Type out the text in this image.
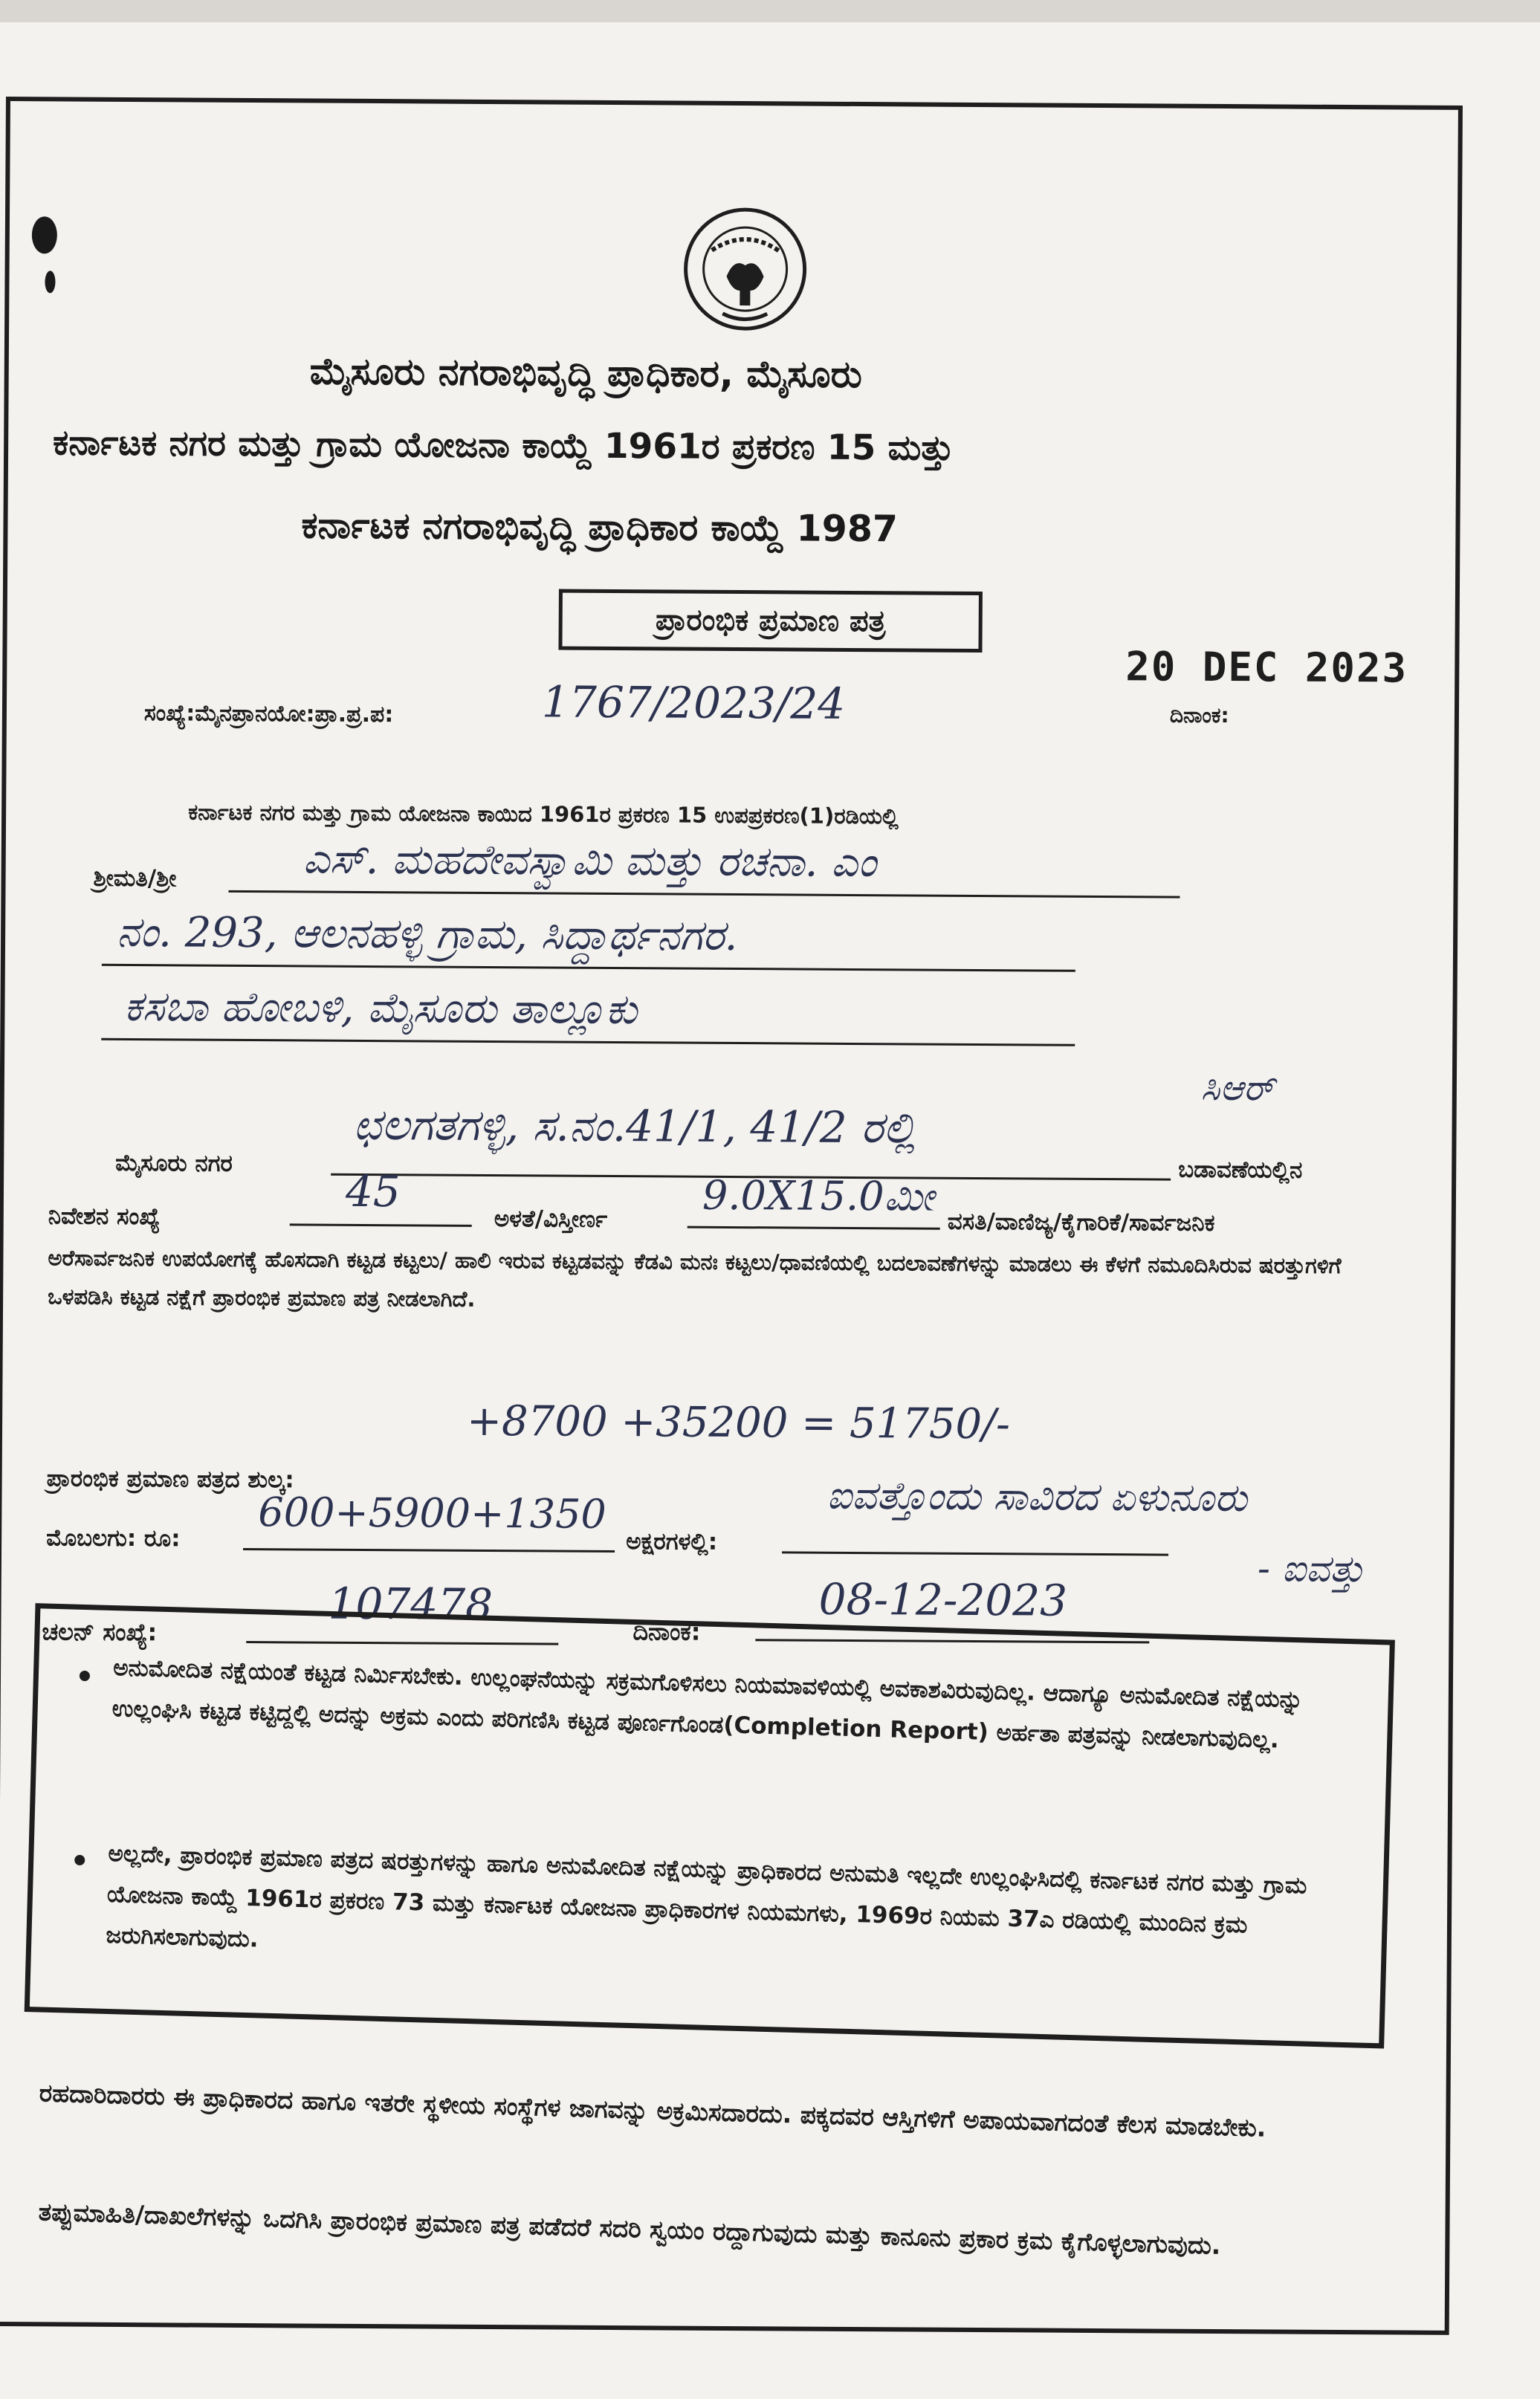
ಮೈಸೂರು ನಗರಾಭಿವೃದ್ಧಿ ಪ್ರಾಧಿಕಾರ, ಮೈಸೂರು
ಕರ್ನಾಟಕ ನಗರ ಮತ್ತು ಗ್ರಾಮ ಯೋಜನಾ ಕಾಯ್ದೆ 1961ರ ಪ್ರಕರಣ 15 ಮತ್ತು
ಕರ್ನಾಟಕ ನಗರಾಭಿವೃದ್ಧಿ ಪ್ರಾಧಿಕಾರ ಕಾಯ್ದೆ 1987
ಪ್ರಾರಂಭಿಕ ಪ್ರಮಾಣ ಪತ್ರ
20 DEC 2023
ದಿನಾಂಕ:
ಸಂಖ್ಯೆ:ಮೈನಪ್ರಾನಯೋ:ಪ್ರಾ.ಪ್ರ.ಪ:	1767/2023/24
ಕರ್ನಾಟಕ ನಗರ ಮತ್ತು ಗ್ರಾಮ ಯೋಜನಾ ಕಾಯಿದ 1961ರ ಪ್ರಕರಣ 15 ಉಪಪ್ರಕರಣ(1)ರಡಿಯಲ್ಲಿ
ಶ್ರೀಮತಿ/ಶ್ರೀ	ಎಸ್. ಮಹದೇವಸ್ವಾಮಿ ಮತ್ತು ರಚನಾ. ಎಂ
ನಂ. 293, ಆಲನಹಳ್ಳಿ ಗ್ರಾಮ, ಸಿದ್ದಾರ್ಥನಗರ.
ಕಸಬಾ ಹೋಬಳಿ, ಮೈಸೂರು ತಾಲ್ಲೂಕು
ಸಿಆರ್
ಮೈಸೂರು ನಗರ
ಛಲಗತಗಳ್ಳಿ, ಸ.ನಂ.41/1, 41/2 ರಲ್ಲಿ
ಬಡಾವಣೆಯಲ್ಲಿನ
ನಿವೇಶನ ಸಂಖ್ಯೆ	45
ಅಳತೆ/ವಿಸ್ತೀರ್ಣ 9.0X15.0ಮೀ
ವಸತಿ/ವಾಣಿಜ್ಯ/ಕೈಗಾರಿಕೆ/ಸಾರ್ವಜನಿಕ
ಅರೆಸಾರ್ವಜನಿಕ ಉಪಯೋಗಕ್ಕೆ ಹೊಸದಾಗಿ ಕಟ್ಟಡ ಕಟ್ಟಲು/ ಹಾಲಿ ಇರುವ ಕಟ್ಟಡವನ್ನು ಕೆಡವಿ ಮನಃ ಕಟ್ಟಲು/ಧಾವಣಿಯಲ್ಲಿ ಬದಲಾವಣೆಗಳನ್ನು ಮಾಡಲು ಈ ಕೆಳಗೆ ನಮೂದಿಸಿರುವ ಷರತ್ತುಗಳಿಗೆ ಒಳಪಡಿಸಿ ಕಟ್ಟಡ ನಕ್ಷೆಗೆ ಪ್ರಾರಂಭಿಕ ಪ್ರಮಾಣ ಪತ್ರ ನೀಡಲಾಗಿದೆ.
+8700 +35200 = 51750/-
ಪ್ರಾರಂಭಿಕ ಪ್ರಮಾಣ ಪತ್ರದ ಶುಲ್ಕ:
ಮೊಬಲಗು: ರೂ:
600+5900+1350
ಅಕ್ಷರಗಳಲ್ಲಿ:
ಐವತ್ತೊಂದು ಸಾವಿರದ ಏಳುನೂರು
- ಐವತ್ತು
ಚಲನ್ ಸಂಖ್ಯೆ:
107478
ದಿನಾಂಕ:
08-12-2023
ಅನುಮೋದಿತ ನಕ್ಷೆಯಂತೆ ಕಟ್ಟಡ ನಿರ್ಮಿಸಬೇಕು. ಉಲ್ಲಂಘನೆಯನ್ನು ಸಕ್ರಮಗೊಳಿಸಲು ನಿಯಮಾವಳಿಯಲ್ಲಿ ಅವಕಾಶವಿರುವುದಿಲ್ಲ. ಆದಾಗ್ಯೂ ಅನುಮೋದಿತ ನಕ್ಷೆಯನ್ನು ಉಲ್ಲಂಘಿಸಿ ಕಟ್ಟಡ ಕಟ್ಟಿದ್ದಲ್ಲಿ ಅದನ್ನು ಅಕ್ರಮ ಎಂದು ಪರಿಗಣಿಸಿ ಕಟ್ಟಡ ಪೂರ್ಣಗೊಂಡ(Completion Report) ಅರ್ಹತಾ ಪತ್ರವನ್ನು ನೀಡಲಾಗುವುದಿಲ್ಲ.
ಅಲ್ಲದೇ, ಪ್ರಾರಂಭಿಕ ಪ್ರಮಾಣ ಪತ್ರದ ಷರತ್ತುಗಳನ್ನು ಹಾಗೂ ಅನುಮೋದಿತ ನಕ್ಷೆಯನ್ನು ಪ್ರಾಧಿಕಾರದ ಅನುಮತಿ ಇಲ್ಲದೇ ಉಲ್ಲಂಘಿಸಿದಲ್ಲಿ ಕರ್ನಾಟಕ ನಗರ ಮತ್ತು ಗ್ರಾಮ ಯೋಜನಾ ಕಾಯ್ದೆ 1961ರ ಪ್ರಕರಣ 73 ಮತ್ತು ಕರ್ನಾಟಕ ಯೋಜನಾ ಪ್ರಾಧಿಕಾರಗಳ ನಿಯಮಗಳು, 1969ರ ನಿಯಮ 37ಎ ರಡಿಯಲ್ಲಿ ಮುಂದಿನ ಕ್ರಮ ಜರುಗಿಸಲಾಗುವುದು.
ರಹದಾರಿದಾರರು ಈ ಪ್ರಾಧಿಕಾರದ ಹಾಗೂ ಇತರೇ ಸ್ಥಳೀಯ ಸಂಸ್ಥೆಗಳ ಜಾಗವನ್ನು ಅಕ್ರಮಿಸದಾರದು. ಪಕ್ಕದವರ ಆಸ್ತಿಗಳಿಗೆ ಅಪಾಯವಾಗದಂತೆ ಕೆಲಸ ಮಾಡಬೇಕು.
ತಪ್ಪುಮಾಹಿತಿ/ದಾಖಲೆಗಳನ್ನು ಒದಗಿಸಿ ಪ್ರಾರಂಭಿಕ ಪ್ರಮಾಣ ಪತ್ರ ಪಡೆದರೆ ಸದರಿ ಸ್ವಯಂ ರದ್ದಾಗುವುದು ಮತ್ತು ಕಾನೂನು ಪ್ರಕಾರ ಕ್ರಮ ಕೈಗೊಳ್ಳಲಾಗುವುದು.
